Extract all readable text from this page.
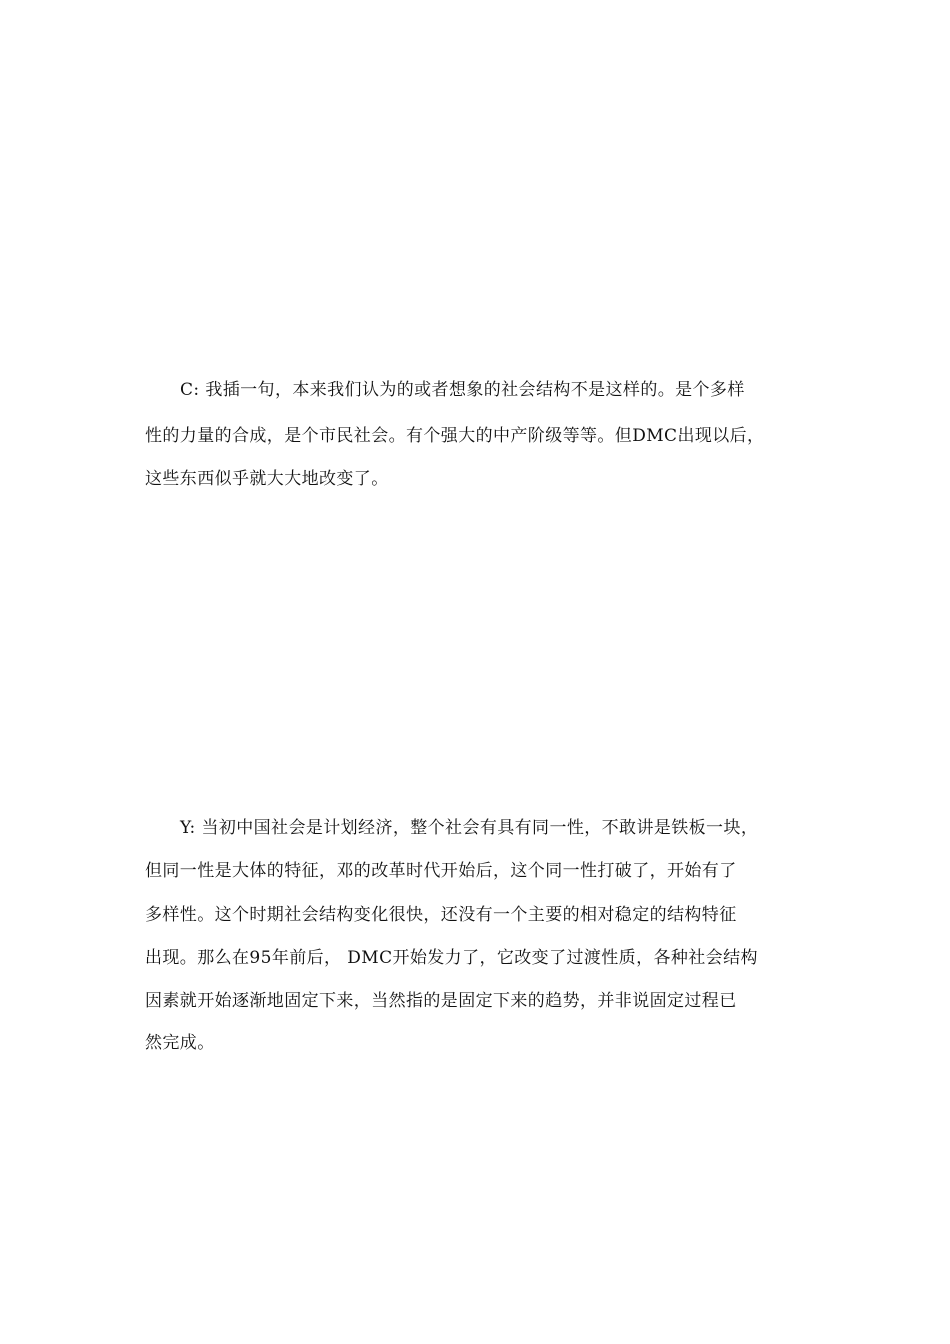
C: 我插一句，本来我们认为的或者想象的社会结构不是这样的。是个多样
性的力量的合成，是个市民社会。有个强大的中产阶级等等。但DMC出现以后，
这些东西似乎就大大地改变了。
Y: 当初中国社会是计划经济，整个社会有具有同一性，不敢讲是铁板一块，
但同一性是大体的特征，邓的改革时代开始后，这个同一性打破了，开始有了
多样性。这个时期社会结构变化很快，还没有一个主要的相对稳定的结构特征
出现。那么在95年前后， DMC开始发力了，它改变了过渡性质，各种社会结构
因素就开始逐渐地固定下来，当然指的是固定下来的趋势，并非说固定过程已
然完成。
